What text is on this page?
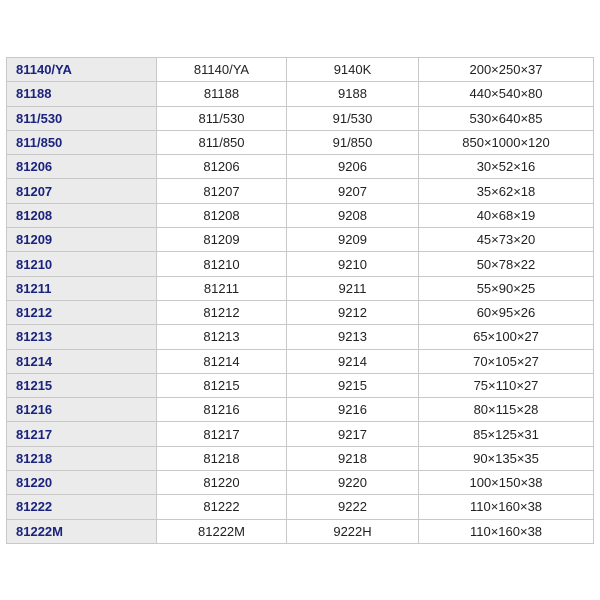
81140/YA	81140/YA	9140K	200×250×37
81188	81188	9188	440×540×80
811/530	811/530	91/530	530×640×85
811/850	811/850	91/850	850×1000×120
81206	81206	9206	30×52×16
81207	81207	9207	35×62×18
81208	81208	9208	40×68×19
81209	81209	9209	45×73×20
81210	81210	9210	50×78×22
81211	81211	9211	55×90×25
81212	81212	9212	60×95×26
81213	81213	9213	65×100×27
81214	81214	9214	70×105×27
81215	81215	9215	75×110×27
81216	81216	9216	80×115×28
81217	81217	9217	85×125×31
81218	81218	9218	90×135×35
81220	81220	9220	100×150×38
81222	81222	9222	110×160×38
81222M	81222M	9222H	110×160×38
